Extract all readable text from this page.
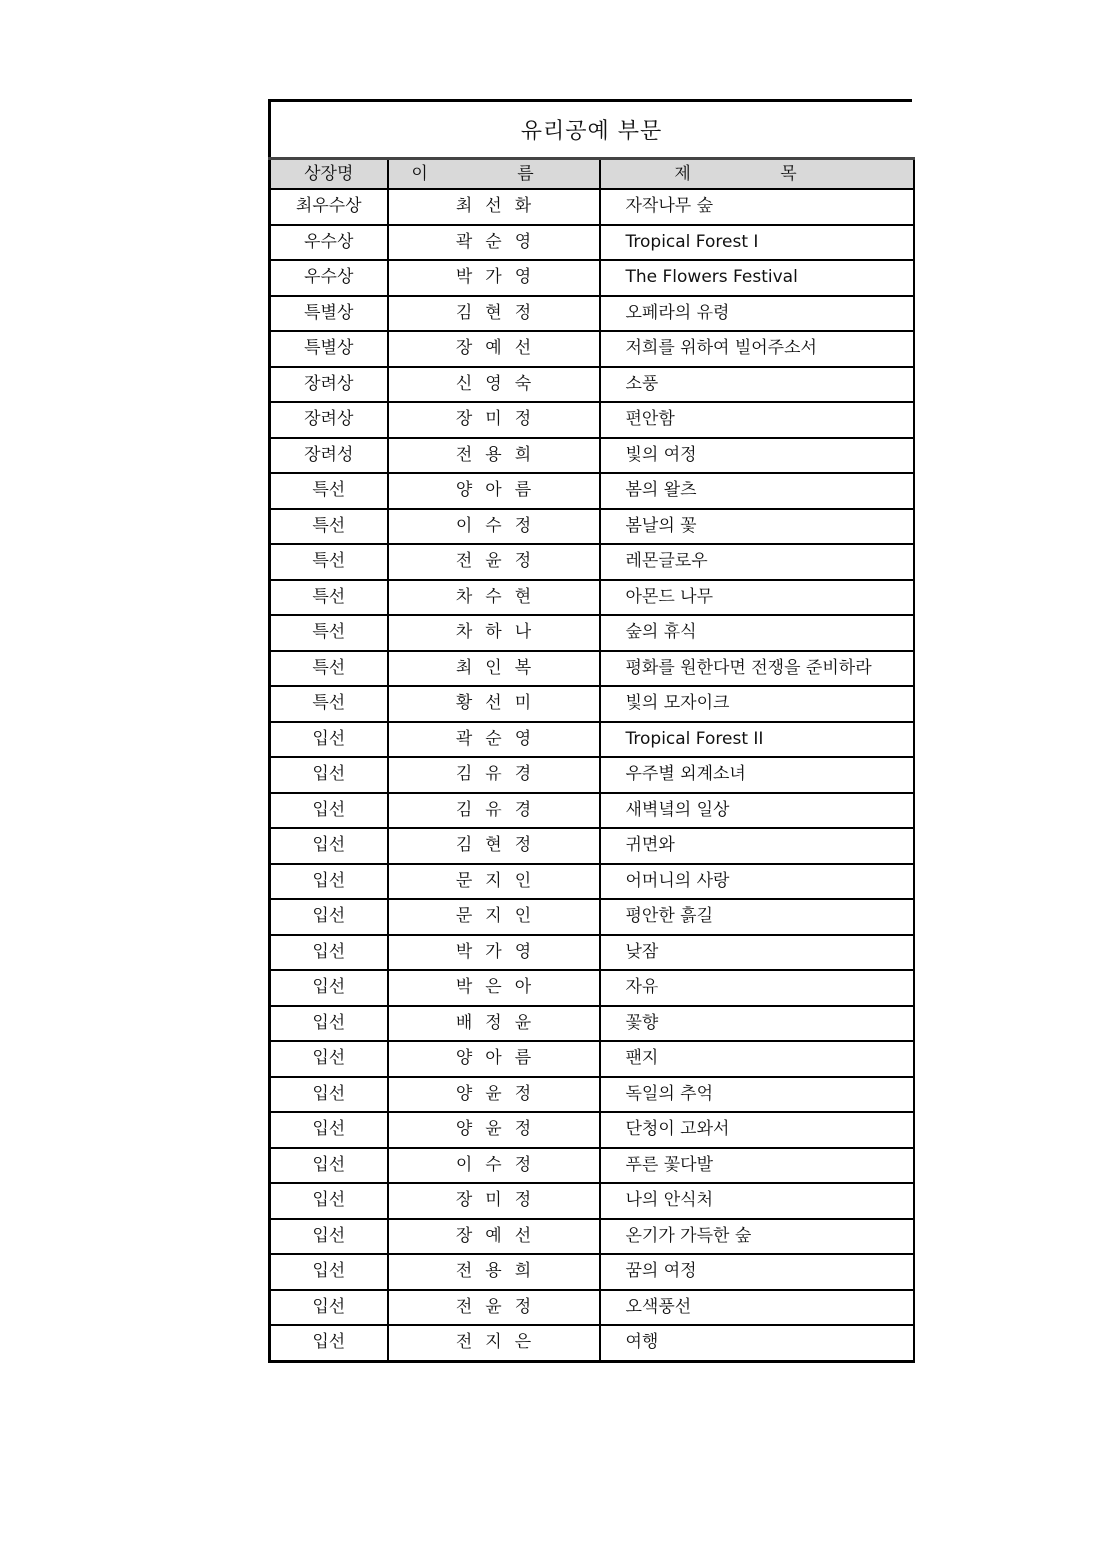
유리공예 부문
상장명	이 름	제 목
최우수상	최선화	자작나무 숲
우수상	곽순영	Tropical Forest I
우수상	박가영	The Flowers Festival
특별상	김현정	오페라의 유령
특별상	장예선	저희를 위하여 빌어주소서
장려상	신영숙	소풍
장려상	장미정	편안함
장려성	전용희	빛의 여정
특선	양아름	봄의 왈츠
특선	이수정	봄날의 꽃
특선	전윤정	레몬글로우
특선	차수현	아몬드 나무
특선	차하나	숲의 휴식
특선	최인복	평화를 원한다면 전쟁을 준비하라
특선	황선미	빛의 모자이크
입선	곽순영	Tropical Forest II
입선	김유경	우주별 외계소녀
입선	김유경	새벽녘의 일상
입선	김현정	귀면와
입선	문지인	어머니의 사랑
입선	문지인	평안한 흙길
입선	박가영	낮잠
입선	박은아	자유
입선	배정윤	꽃향
입선	양아름	팬지
입선	양윤정	독일의 추억
입선	양윤정	단청이 고와서
입선	이수정	푸른 꽃다발
입선	장미정	나의 안식처
입선	장예선	온기가 가득한 숲
입선	전용희	꿈의 여정
입선	전윤정	오색풍선
입선	전지은	여행
